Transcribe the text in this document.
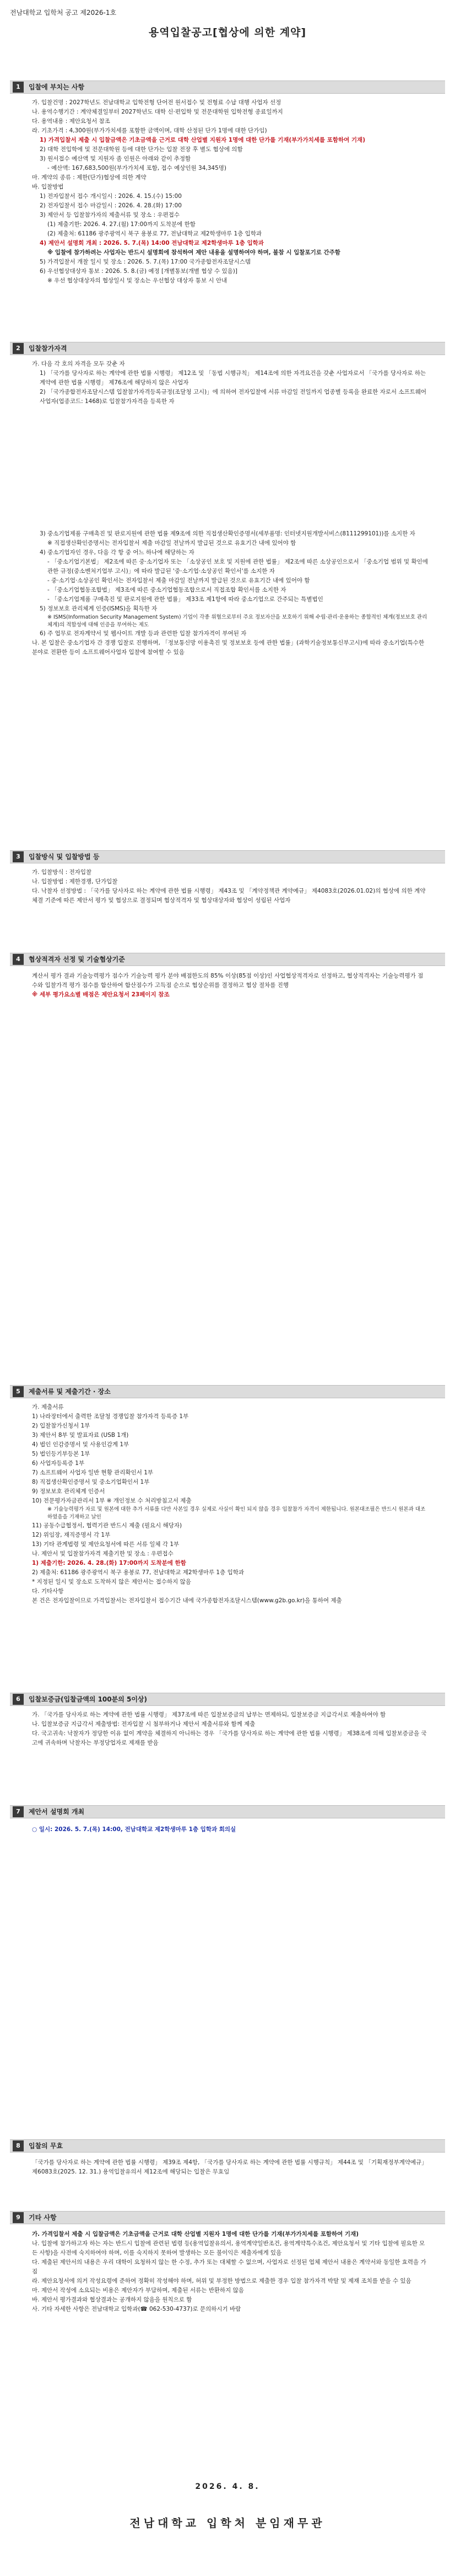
전남대학교 입학처 공고 제2026-1호
용역입찰공고[협상에 의한 계약]
1	입찰에 부치는 사항

가. 입찰건명 : 2027학년도 전남대학교 입학전형 단어전 원서접수 및 전형료 수납 대행 사업자 선정

나. 용역수행기간 : 계약체결일부터 2027학년도 대학 신·편입학 및 전문대학원 입학전형 종료일까지

다. 용역내용 : 제안요청서 참조

라. 기초가격 : 4,300원(부가가치세를 포함한 금액이며, 대학 산정된 단가 1명에 대한 단가임)

1) 가격입찰서 제출 시 입찰금액은 기초금액을 근거로 대학 산업별 지원자 1명에 대한 단가를 기재(부가가치세를 포함하여 기재)

2) 대학 전입학에 및 전문대학원 등에 대한 단가는 입찰 전장 후 별도 협상에 의함

3) 원서접수 예산액 및 지원자 좀 인원은 아래와 같이 추정함

- 예산액: 167,683,500원(부가가치세 포함, 접수 예상인원 34,345명)

마. 계약의 종류 : 제한(단가)협상에 의한 계약

바. 입찰방법

1) 전자입찰서 접수 개시일시 : 2026. 4. 15.(수) 15:00

2) 전자입찰서 접수 마감일시 : 2026. 4. 28.(화) 17:00

3) 제안서 등 입찰참가자의 제출서류 및 장소 : 우편접수

(1) 제출기한: 2026. 4. 27.(월) 17:00까지 도착분에 한함

(2) 제출처: 61186 광주광역시 북구 용봉로 77, 전남대학교 제2학생마루 1층 입학과

4) 제안서 설명회 개최 : 2026. 5. 7.(목) 14:00 전남대학교 제2학생마루 1층 입학과

※ 입찰에 참가하려는 사업자는 반드시 설명회에 참석하여 제안 내용을 설명하여야 하며, 불참 시 입찰포기로 간주함

5) 가격입찰서 개찰 일시 및 장소 : 2026. 5. 7.(목) 17:00 국가종합전자조달시스템

6) 우선협상대상자 통보 : 2026. 5. 8.(금) 예정 [개별통보(개별 협상 수 있음)]

※ 우선 협상대상자의 협상일시 및 장소는 우선협상 대상자 통보 시 안내

2	입찰참가자격

가. 다음 각 호의 자격을 모두 갖춘 자

1) 「국가를 당사자로 하는 계약에 관한 법률 시행령」 제12조 및 「동법 시행규칙」 제14조에 의한 자격요건을 갖춘 사업자로서 「국가를 당사자로 하는 계약에 관한 법률 시행령」 제76조에 해당하지 않은 사업자

2) 「국가종합전자조달시스템 입찰참가자격등록규정(조달청 고시)」에 의하여 전자입찰에 서류 마감일 전일까지 업종별 등록을 완료한 자로서 소프트웨어사업자(업종코드: 1468)로 입찰참가자격을 등록한 자

3) 중소기업제품 구매촉진 및 판로지원에 관한 법률 제9조에 의한 직접생산확인증명서(세부품명: 인터넷지원개발서비스(8111299101))를 소지한 자

※ 직접생산확인증명서는 전자입찰서 제출 마감일 전날까지 발급된 것으로 유효기간 내에 있어야 함

4) 중소기업자인 경우, 다음 각 항 중 어느 하나에 해당하는 자

- 「중소기업기본법」 제2조에 따른 중·소기업자 또는 「소상공인 보호 및 지원에 관한 법률」 제2조에 따른 소상공인으로서 「중소기업 범위 및 확인에 관한 규정(중소벤처기업부 고시)」에 따라 발급된 '중·소기업·소상공인 확인서'를 소지한 자

- 중·소기업·소상공인 확인서는 전자입찰서 제출 마감일 전날까지 발급된 것으로 유효기간 내에 있어야 함

- 「중소기업협동조합법」 제3조에 따른 중소기업협동조합으로서 직접조합 확인서를 소지한 자

- 「중소기업제품 구매촉진 및 판로지원에 관한 법률」 제33조 제1항에 따라 중소기업으로 간주되는 특별법인

5) 정보보호 관리체계 인증(ISMS)을 획득한 자

※ ISMS(Information Security Management System) 기업이 각종 위협으로부터 주요 정보자산을 보호하기 위해 수립·관리·운용하는 종합적인 체계(정보보호 관리체계)의 적합성에 대해 인증을 부여하는 제도

6) 주 업무로 전자계약서 및 웹사이트 개발 등과 관련한 입찰 참가자격이 부여된 자

나. 본 입찰은 중소기업자 간 경쟁 입찰로 진행하며, 「정보통신망 이용촉진 및 정보보호 등에 관한 법률」(과학기술정보통신부고시)에 따라 중소기업(특수한 분야로 전환한 등이 소프트웨어사업자 입찰에 참여할 수 있음

3	입찰방식 및 입찰방법 등

가. 입찰방식 : 전자입찰

나. 입찰방법 : 제한경쟁, 단가입찰

다. 낙찰자 선정방법 : 「국가를 당사자로 하는 계약에 관한 법률 시행령」 제43조 및 「계약정책관 계약예규」 제4083호(2026.01.02)의 협상에 의한 계약체결 기준에 따른 제안서 평가 및 협상으로 결정되며 협상적격자 및 협상대상자와 협상이 성립된 사업자

4	협상적격자 선정 및 기술협상기준

계산서 평가 결과 기술능력평가 점수가 기술능력 평가 분야 배점한도의 85% 이상(85점 이상)인 사업협상적격자로 선정하고, 협상적격자는 기술능력평가 점수와 입찰가격 평가 점수를 합산하여 합산점수가 고득점 순으로 협상순위를 결정하고 협상 절차를 진행

※ 세부 평가요소별 배점은 제안요청서 23페이지 참조

5	제출서류 및 제출기간 · 장소

가. 제출서류

1) 나라장터에서 출력한 조달청 경쟁입찰 참가자격 등록증 1부

2) 입찰참가신청서 1부

3) 제안서 8부 및 발표자료 (USB 1개)

4) 법인 인감증명서 및 사용인감계 1부

5) 법인등기부등본 1부

6) 사업자등록증 1부

7) 소프트웨어 사업자 일반 현황 관리확인서 1부

8) 직접생산확인증명서 및 중소기업확인서 1부

9) 정보보호 관리체계 인증서

10) 전문평가자금관리서 1부 ※ 개인정보 수 처리방침고서 제출

※ 기술능력평가 자료 및 원본에 대한 추가 서류를 다만 사본일 경우 실제로 사실이 확인 되지 않을 경우 입찰참가 자격이 제한됩니다. 원본대조필은 반드시 원본과 대조하였음을 기재하고 날인

11) 공동수급협정서, 협력기관 반드시 제출 (필요시 해당자)

12) 위임장, 재직증명서 각 1부

13) 기타 관계법령 및 제안요청서에 따른 서류 일체 각 1부

나. 제안서 및 입찰참가자격 제출기한 및 장소 : 우편접수

1) 제출기한: 2026. 4. 28.(화) 17:00까지 도착분에 한함

2) 제출처: 61186 광주광역시 북구 용봉로 77, 전남대학교 제2학생마루 1층 입학과

* 지정된 일시 및 장소로 도착하지 않은 제안서는 접수하지 않음

다. 기타사항

본 건은 전자입찰이므로 가격입찰서는 전자입찰서 접수기간 내에 국가종합전자조달시스템(www.g2b.go.kr)을 통하여 제출

6	입찰보증금(입찰금액의 100분의 5이상)

가. 「국가를 당사자로 하는 계약에 관한 법률 시행령」 제37조에 따른 입찰보증금의 납부는 면제하되, 입찰보증금 지급각서로 제출하여야 함

나. 입찰보증금 지급각서 제출방법: 전자입찰 시 첨부하거나 제안서 제출서류와 함께 제출

다. 국고귀속: 낙찰자가 정당한 이유 없이 계약을 체결하지 아니하는 경우 「국가를 당사자로 하는 계약에 관한 법률 시행령」 제38조에 의해 입찰보증금을 국고에 귀속하며 낙찰자는 부정당업자로 제재를 받음

7	제안서 설명회 개최

○ 일시: 2026. 5. 7.(목) 14:00, 전남대학교 제2학생마루 1층 입학과 회의실

8	입찰의 무효

「국가를 당사자로 하는 계약에 관한 법률 시행령」 제39조 제4항, 「국가를 당사자로 하는 계약에 관한 법률 시행규칙」 제44조 및 「기획재정부계약예규」 제6083호(2025. 12. 31.) 용역입찰유의서 제12조에 해당되는 입찰은 무효임

9	기타 사항

가. 가격입찰서 제출 시 입찰금액은 기초금액을 근거로 대학 산업별 지원자 1명에 대한 단가를 기재(부가가치세를 포함하여 기재)

나. 입찰에 참가하고자 하는 자는 반드시 입찰에 관련된 법령 등(용역입찰유의서, 용역계약일반조건, 용역계약특수조건, 제안요청서 및 기타 입찰에 필요한 모든 사항)을 사전에 숙지하여야 하며, 이를 숙지하지 못하여 발생하는 모든 불이익은 제출자에게 있음

다. 제출된 제안서의 내용은 우리 대학이 요청하지 않는 한 수정, 추가 또는 대체할 수 없으며, 사업자로 선정된 업체 제안서 내용은 계약서와 동일한 효력을 가짐

라. 제안요청서에 의거 작성요령에 준하여 정확히 작성해야 하며, 허위 및 부정한 방법으로 제출한 경우 입찰 참가자격 박탈 및 제재 조치를 받을 수 있음

마. 제안서 작성에 소요되는 비용은 제안자가 부담하며, 제출된 서류는 반환하지 않음

바. 제안서 평가결과와 협상결과는 공개하지 않음을 원칙으로 함

사. 기타 자세한 사항은 전남대학교 입학과(☎ 062-530-4737)로 문의하시기 바람

2026. 4. 8.
전남대학교 입학처 분임재무관
